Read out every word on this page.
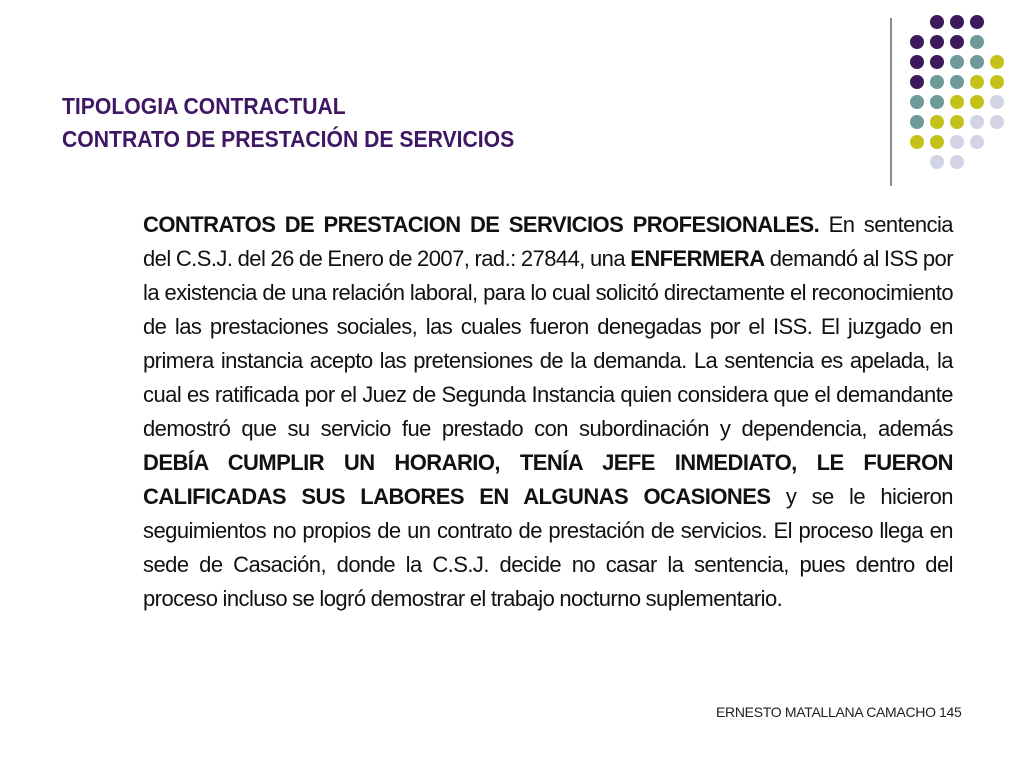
TIPOLOGIA CONTRACTUAL
CONTRATO DE PRESTACIÓN DE SERVICIOS

CONTRATOS DE PRESTACION DE SERVICIOS PROFESIONALES. En sentencia del C.S.J. del 26 de Enero de 2007, rad.: 27844, una ENFERMERA demandó al ISS por la existencia de una relación laboral, para lo cual solicitó directamente el reconocimiento de las prestaciones sociales, las cuales fueron denegadas por el ISS. El juzgado en primera instancia acepto las pretensiones de la demanda. La sentencia es apelada, la cual es ratificada por el Juez de Segunda Instancia quien considera que el demandante demostró que su servicio fue prestado con subordinación y dependencia, además DEBÍA CUMPLIR UN HORARIO, TENÍA JEFE INMEDIATO, LE FUERON CALIFICADAS SUS LABORES EN ALGUNAS OCASIONES y se le hicieron seguimientos no propios de un contrato de prestación de servicios. El proceso llega en sede de Casación, donde la C.S.J. decide no casar la sentencia, pues dentro del proceso incluso se logró demostrar el trabajo nocturno suplementario.

ERNESTO MATALLANA CAMACHO 145
